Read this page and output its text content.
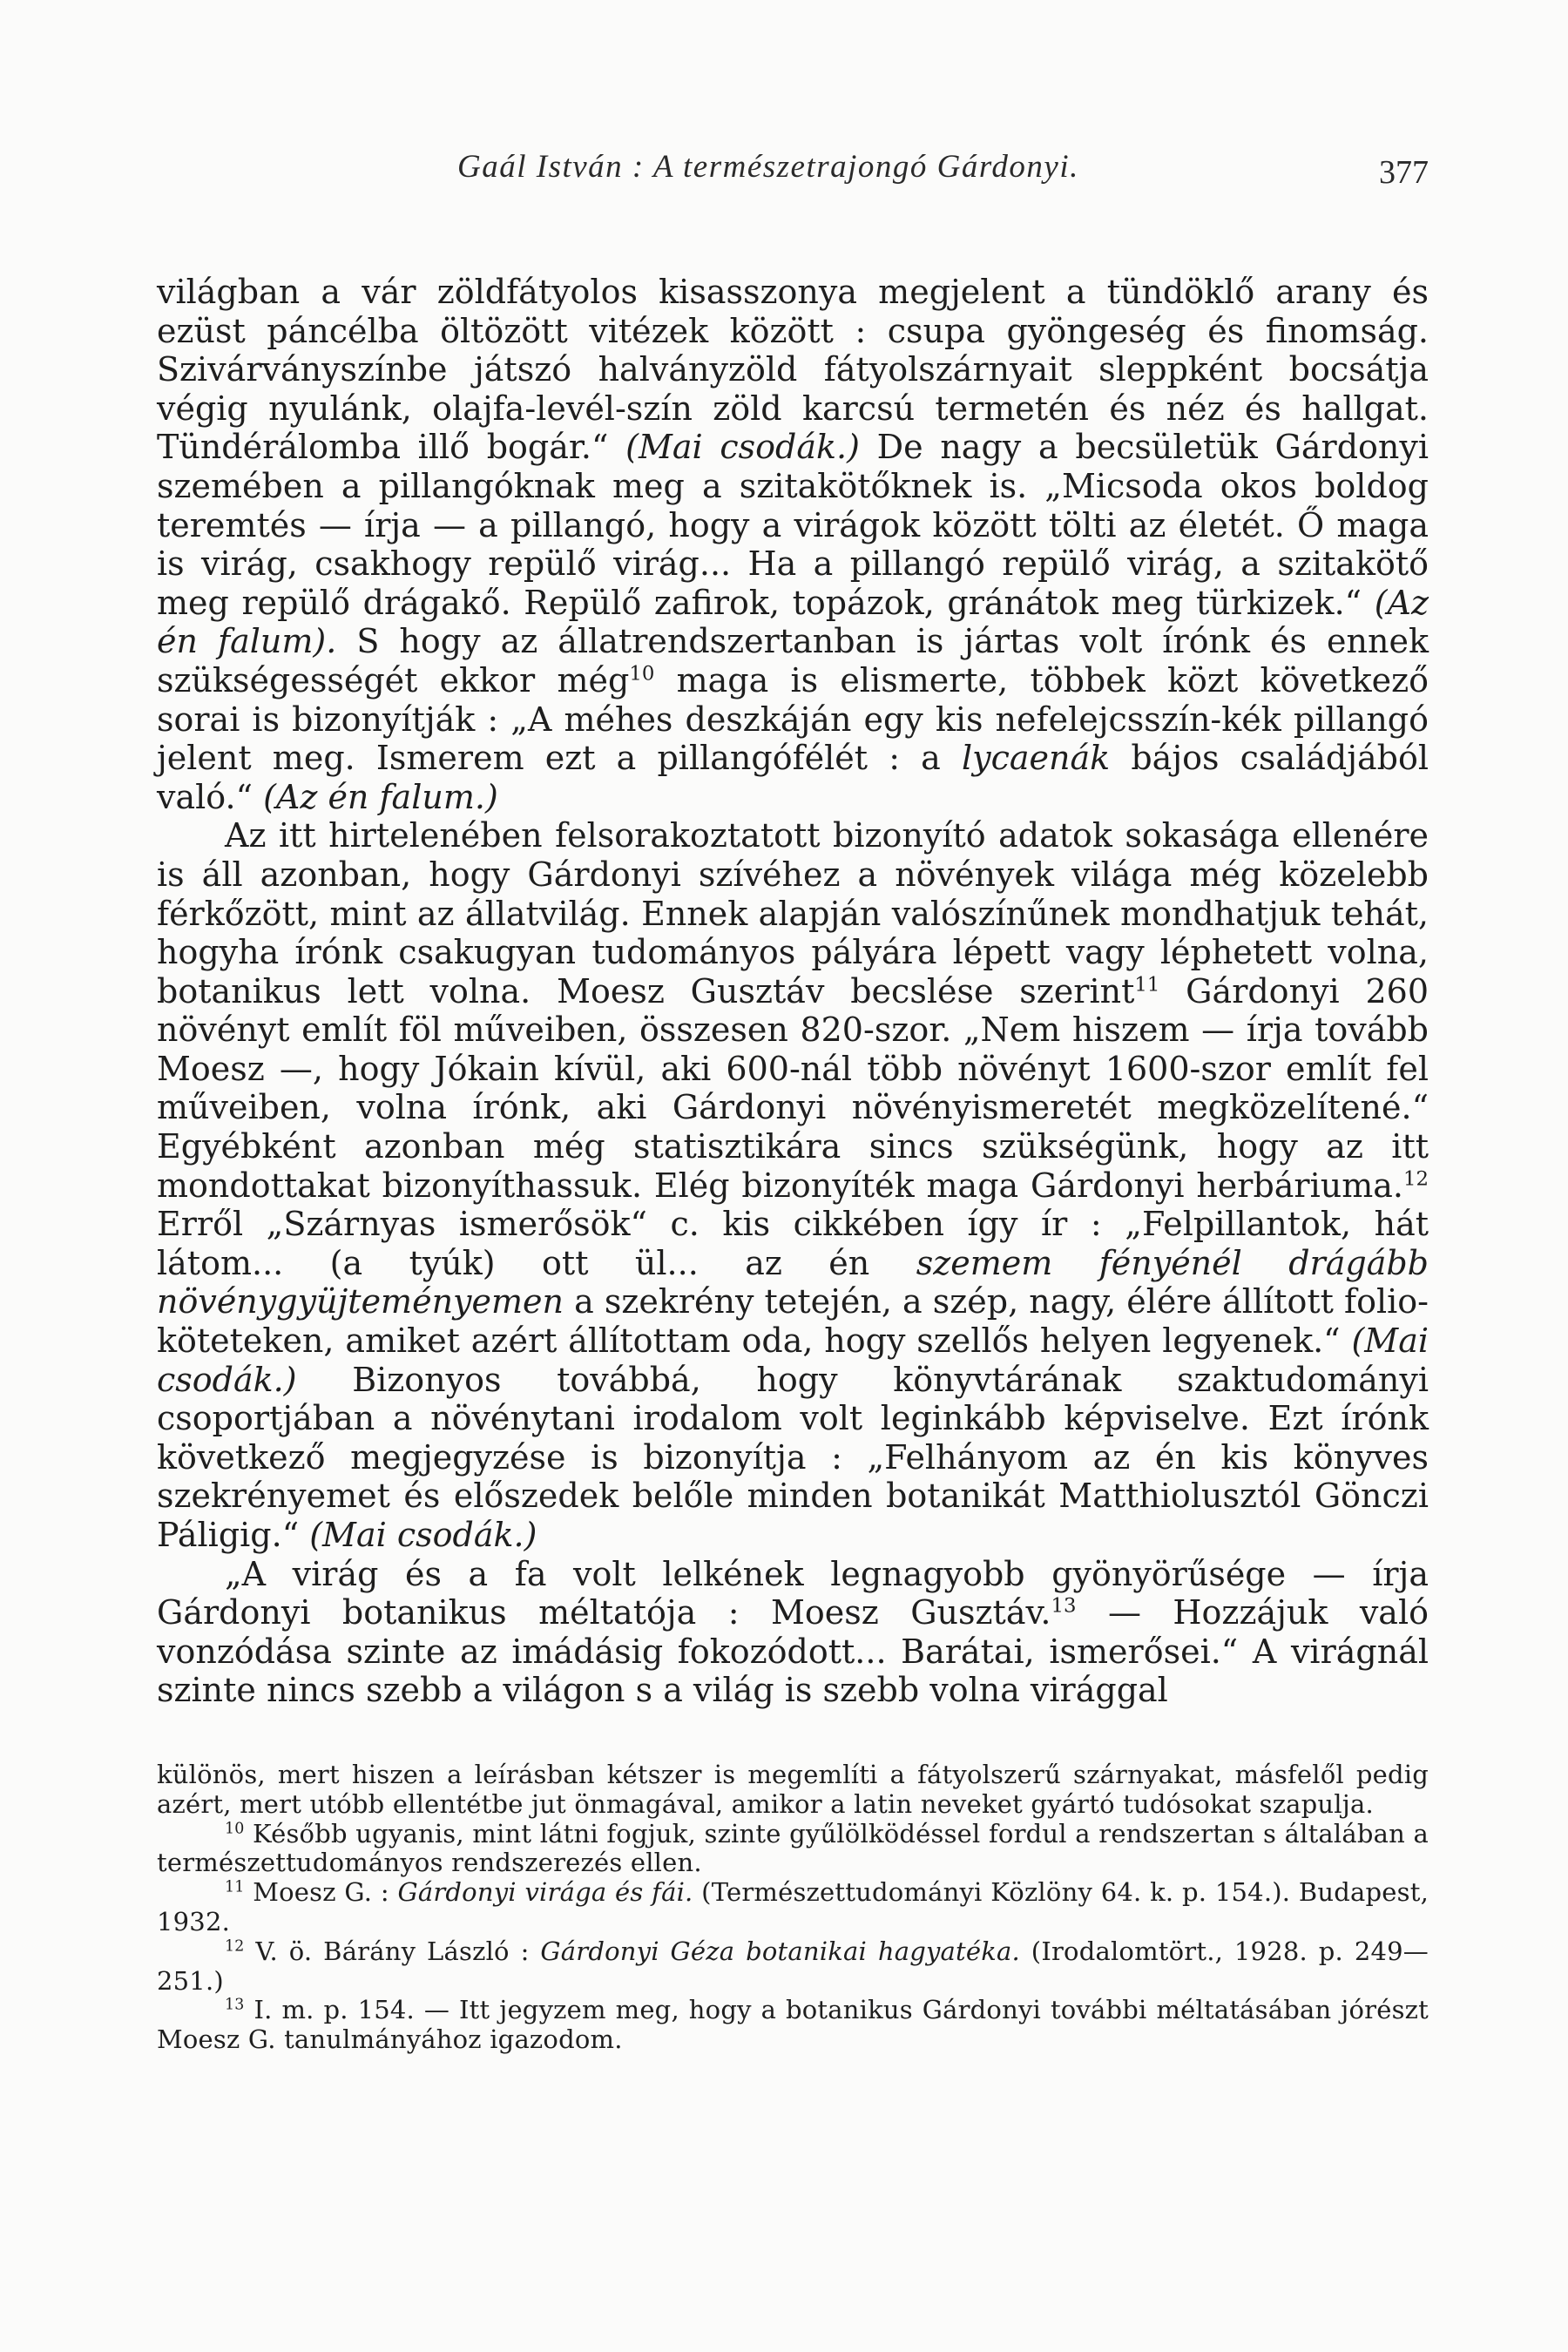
Gaál István : A természetrajongó Gárdonyi.	377

világban a vár zöldfátyolos kisasszonya megjelent a tündöklő arany és ezüst páncélba öltözött vitézek között : csupa gyöngeség és finomság. Szivárványszínbe játszó halványzöld fátyolszárnyait sleppként bocsátja végig nyulánk, olajfa-levél-szín zöld karcsú termetén és néz és hallgat. Tündérálomba illő bogár.“ (Mai csodák.) De nagy a becsületük Gárdonyi szemében a pillangóknak meg a szitakötőknek is. „Micsoda okos boldog teremtés — írja — a pillangó, hogy a virágok között tölti az életét. Ő maga is virág, csakhogy repülő virág... Ha a pillangó repülő virág, a szitakötő meg repülő drágakő. Repülő zafirok, topázok, gránátok meg türkizek.“ (Az én falum). S hogy az állatrendszertanban is jártas volt írónk és ennek szükségességét ekkor még$^{10}$ maga is elismerte, többek közt következő sorai is bizonyítják : „A méhes deszkáján egy kis nefelejcsszín-kék pillangó jelent meg. Ismerem ezt a pillangófélét : a lycaenák bájos családjából való.“ (Az én falum.)

Az itt hirtelenében felsorakoztatott bizonyító adatok sokasága ellenére is áll azonban, hogy Gárdonyi szívéhez a növények világa még közelebb férkőzött, mint az állatvilág. Ennek alapján valószínűnek mondhatjuk tehát, hogyha írónk csakugyan tudományos pályára lépett vagy léphetett volna, botanikus lett volna. Moesz Gusztáv becslése szerint$^{11}$ Gárdonyi 260 növényt említ föl műveiben, összesen 820-szor. „Nem hiszem — írja tovább Moesz —, hogy Jókain kívül, aki 600-nál több növényt 1600-szor említ fel műveiben, volna írónk, aki Gárdonyi növényismeretét megközelítené.“ Egyébként azonban még statisztikára sincs szükségünk, hogy az itt mondottakat bizonyíthassuk. Elég bizonyíték maga Gárdonyi herbáriuma.$^{12}$ Erről „Szárnyas ismerősök“ c. kis cikkében így ír : „Felpillantok, hát látom... (a tyúk) ott ül... az én szemem fényénél drágább növénygyüjteményemen a szekrény tetején, a szép, nagy, élére állított folio-köteteken, amiket azért állítottam oda, hogy szellős helyen legyenek.“ (Mai csodák.) Bizonyos továbbá, hogy könyvtárának szaktudományi csoportjában a növénytani irodalom volt leginkább képviselve. Ezt írónk következő megjegyzése is bizonyítja : „Felhányom az én kis könyves szekrényemet és előszedek belőle minden botanikát Matthiolusztól Gönczi Páligig.“ (Mai csodák.)

„A virág és a fa volt lelkének legnagyobb gyönyörűsége — írja Gárdonyi botanikus méltatója : Moesz Gusztáv.$^{13}$ — Hozzájuk való vonzódása szinte az imádásig fokozódott... Barátai, ismerősei.“ A virágnál szinte nincs szebb a világon s a világ is szebb volna virággal

különös, mert hiszen a leírásban kétszer is megemlíti a fátyolszerű szárnyakat, másfelől pedig azért, mert utóbb ellentétbe jut önmagával, amikor a latin neveket gyártó tudósokat szapulja.

$^{10}$ Később ugyanis, mint látni fogjuk, szinte gyűlölködéssel fordul a rendszertan s általában a természettudományos rendszerezés ellen.

$^{11}$ Moesz G. : Gárdonyi virága és fái. (Természettudományi Közlöny 64. k. p. 154.). Budapest, 1932.

$^{12}$ V. ö. Bárány László : Gárdonyi Géza botanikai hagyatéka. (Irodalomtört., 1928. p. 249—251.)

$^{13}$ I. m. p. 154. — Itt jegyzem meg, hogy a botanikus Gárdonyi további méltatásában jórészt Moesz G. tanulmányához igazodom.
